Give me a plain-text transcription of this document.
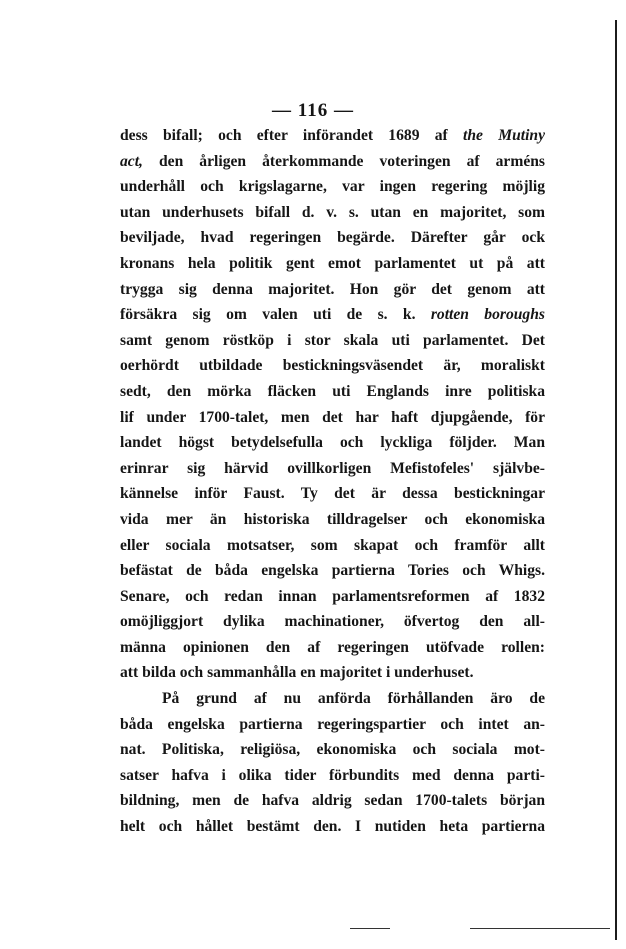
— 116 —
dess bifall; och efter införandet 1689 af the Mutiny
act, den årligen återkommande voteringen af arméns
underhåll och krigslagarne, var ingen regering möjlig
utan underhusets bifall d. v. s. utan en majoritet, som
beviljade, hvad regeringen begärde. Därefter går ock
kronans hela politik gent emot parlamentet ut på att
trygga sig denna majoritet. Hon gör det genom att
försäkra sig om valen uti de s. k. rotten boroughs
samt genom röstköp i stor skala uti parlamentet. Det
oerhördt utbildade bestickningsväsendet är, moraliskt
sedt, den mörka fläcken uti Englands inre politiska
lif under 1700-talet, men det har haft djupgående, för
landet högst betydelsefulla och lyckliga följder. Man
erinrar sig härvid ovillkorligen Mefistofeles' självbe-
kännelse inför Faust. Ty det är dessa bestickningar
vida mer än historiska tilldragelser och ekonomiska
eller sociala motsatser, som skapat och framför allt
befästat de båda engelska partierna Tories och Whigs.
Senare, och redan innan parlamentsreformen af 1832
omöjliggjort dylika machinationer, öfvertog den all-
männa opinionen den af regeringen utöfvade rollen:
att bilda och sammanhålla en majoritet i underhuset.
På grund af nu anförda förhållanden äro de
båda engelska partierna regeringspartier och intet an-
nat. Politiska, religiösa, ekonomiska och sociala mot-
satser hafva i olika tider förbundits med denna parti-
bildning, men de hafva aldrig sedan 1700-talets början
helt och hållet bestämt den. I nutiden heta partierna
